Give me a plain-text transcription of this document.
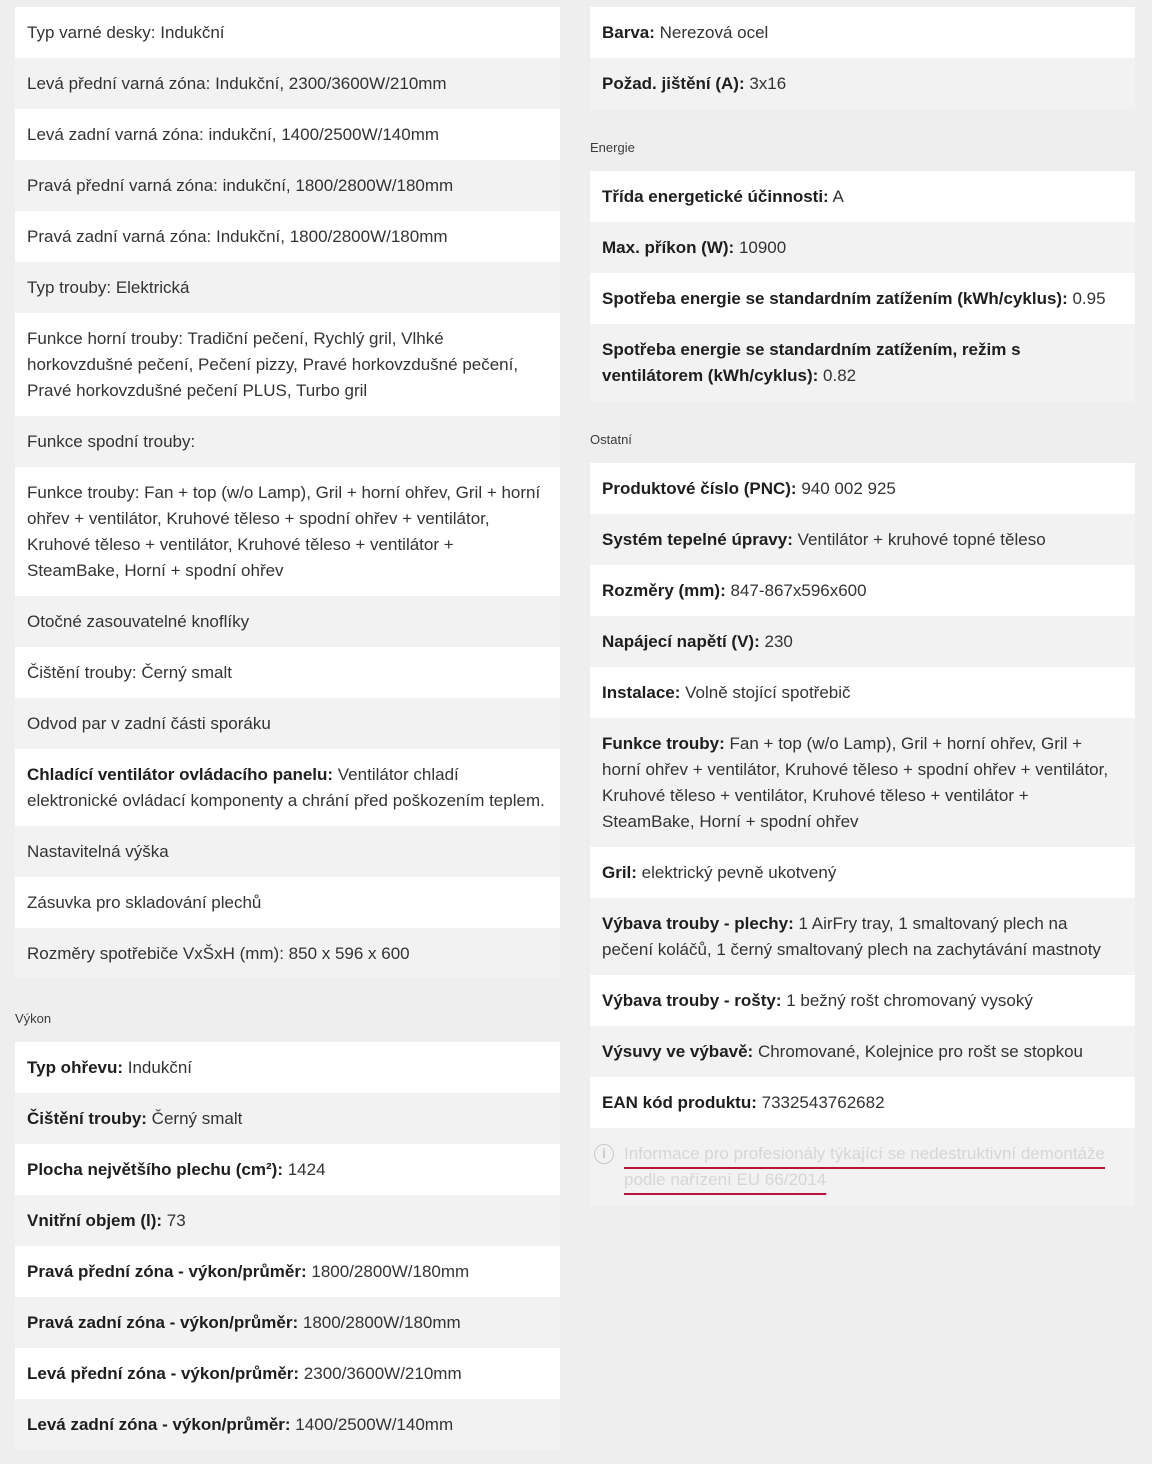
Typ varné desky: Indukční
Levá přední varná zóna: Indukční, 2300/3600W/210mm
Levá zadní varná zóna: indukční, 1400/2500W/140mm
Pravá přední varná zóna: indukční, 1800/2800W/180mm
Pravá zadní varná zóna: Indukční, 1800/2800W/180mm
Typ trouby: Elektrická
Funkce horní trouby: Tradiční pečení, Rychlý gril, Vlhké horkovzdušné pečení, Pečení pizzy, Pravé horkovzdušné pečení, Pravé horkovzdušné pečení PLUS, Turbo gril
Funkce spodní trouby:
Funkce trouby: Fan + top (w/o Lamp), Gril + horní ohřev, Gril + horní ohřev + ventilátor, Kruhové těleso + spodní ohřev + ventilátor, Kruhové těleso + ventilátor, Kruhové těleso + ventilátor + SteamBake, Horní + spodní ohřev
Otočné zasouvatelné knoflíky
Čištění trouby: Černý smalt
Odvod par v zadní části sporáku
Chladící ventilátor ovládacího panelu: Ventilátor chladí elektronické ovládací komponenty a chrání před poškozením teplem.
Nastavitelná výška
Zásuvka pro skladování plechů
Rozměry spotřebiče VxŠxH (mm): 850 x 596 x 600
Výkon
Typ ohřevu: Indukční
Čištění trouby: Černý smalt
Plocha největšího plechu (cm²): 1424
Vnitřní objem (l): 73
Pravá přední zóna - výkon/průměr: 1800/2800W/180mm
Pravá zadní zóna - výkon/průměr: 1800/2800W/180mm
Levá přední zóna - výkon/průměr: 2300/3600W/210mm
Levá zadní zóna - výkon/průměr: 1400/2500W/140mm
Barva: Nerezová ocel
Požad. jištění (A): 3x16
Energie
Třída energetické účinnosti: A
Max. příkon (W): 10900
Spotřeba energie se standardním zatížením (kWh/cyklus): 0.95
Spotřeba energie se standardním zatížením, režim s ventilátorem (kWh/cyklus): 0.82
Ostatní
Produktové číslo (PNC): 940 002 925
Systém tepelné úpravy: Ventilátor + kruhové topné těleso
Rozměry (mm): 847-867x596x600
Napájecí napětí (V): 230
Instalace: Volně stojící spotřebič
Funkce trouby: Fan + top (w/o Lamp), Gril + horní ohřev, Gril + horní ohřev + ventilátor, Kruhové těleso + spodní ohřev + ventilátor, Kruhové těleso + ventilátor, Kruhové těleso + ventilátor + SteamBake, Horní + spodní ohřev
Gril: elektrický pevně ukotvený
Výbava trouby - plechy: 1 AirFry tray, 1 smaltovaný plech na pečení koláčů, 1 černý smaltovaný plech na zachytávání mastnoty
Výbava trouby - rošty: 1 bežný rošt chromovaný vysoký
Výsuvy ve výbavě: Chromované, Kolejnice pro rošt se stopkou
EAN kód produktu: 7332543762682
i	Informace pro profesionály týkající se nedestruktivní demontáže podle nařízení EU 66/2014
